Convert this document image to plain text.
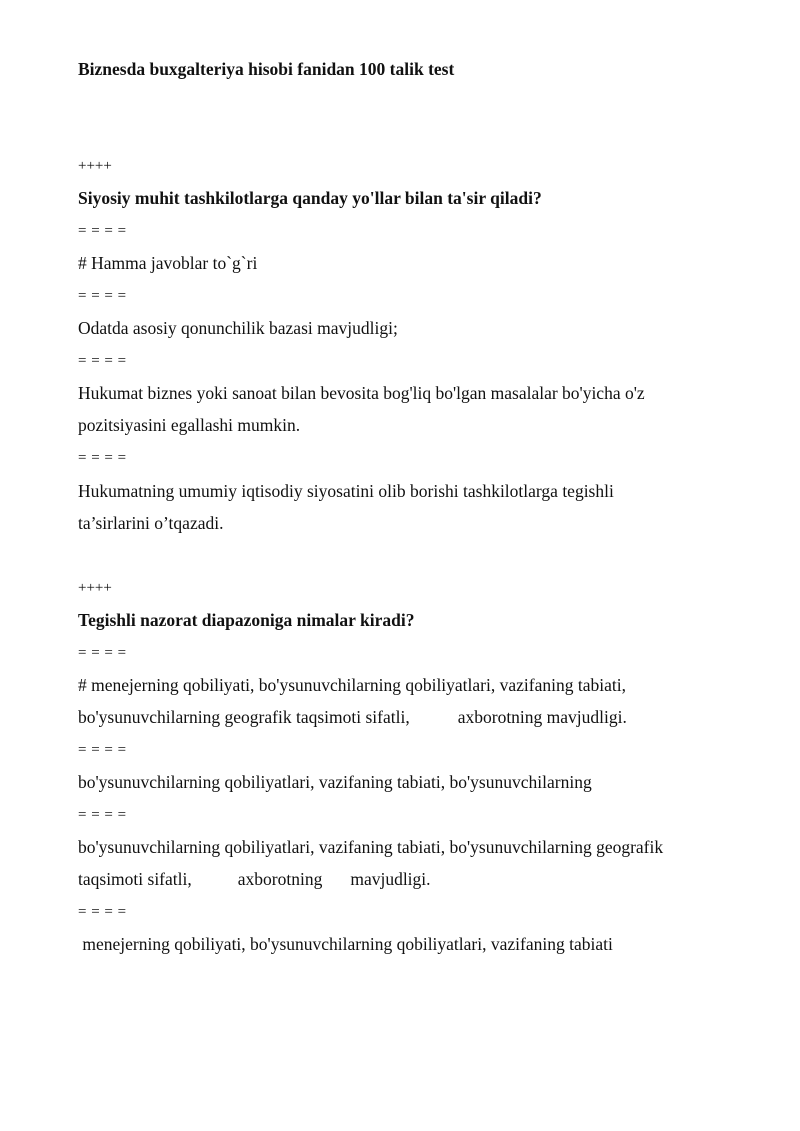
Biznesda buxgalteriya hisobi fanidan 100 talik test
++++
Siyosiy muhit tashkilotlarga qanday yo'llar bilan ta'sir qiladi?
= = = =
# Hamma javoblar to`g`ri
= = = =
Odatda asosiy qonunchilik bazasi mavjudligi;
= = = =
Hukumat biznes yoki sanoat bilan bevosita bog'liq bo'lgan masalalar bo'yicha o'z
pozitsiyasini egallashi mumkin.
= = = =
Hukumatning umumiy iqtisodiy siyosatini olib borishi tashkilotlarga tegishli
ta’sirlarini o’tqazadi.
++++
Tegishli nazorat diapazoniga nimalar kiradi?
= = = =
# menejerning qobiliyati, bo'ysunuvchilarning qobiliyatlari, vazifaning tabiati,
bo'ysunuvchilarning geografik taqsimoti sifatli,	axborotning mavjudligi.
= = = =
bo'ysunuvchilarning qobiliyatlari, vazifaning tabiati, bo'ysunuvchilarning
= = = =
bo'ysunuvchilarning qobiliyatlari, vazifaning tabiati, bo'ysunuvchilarning geografik
taqsimoti sifatli,	axborotning mavjudligi.
= = = =
menejerning qobiliyati, bo'ysunuvchilarning qobiliyatlari, vazifaning tabiati
